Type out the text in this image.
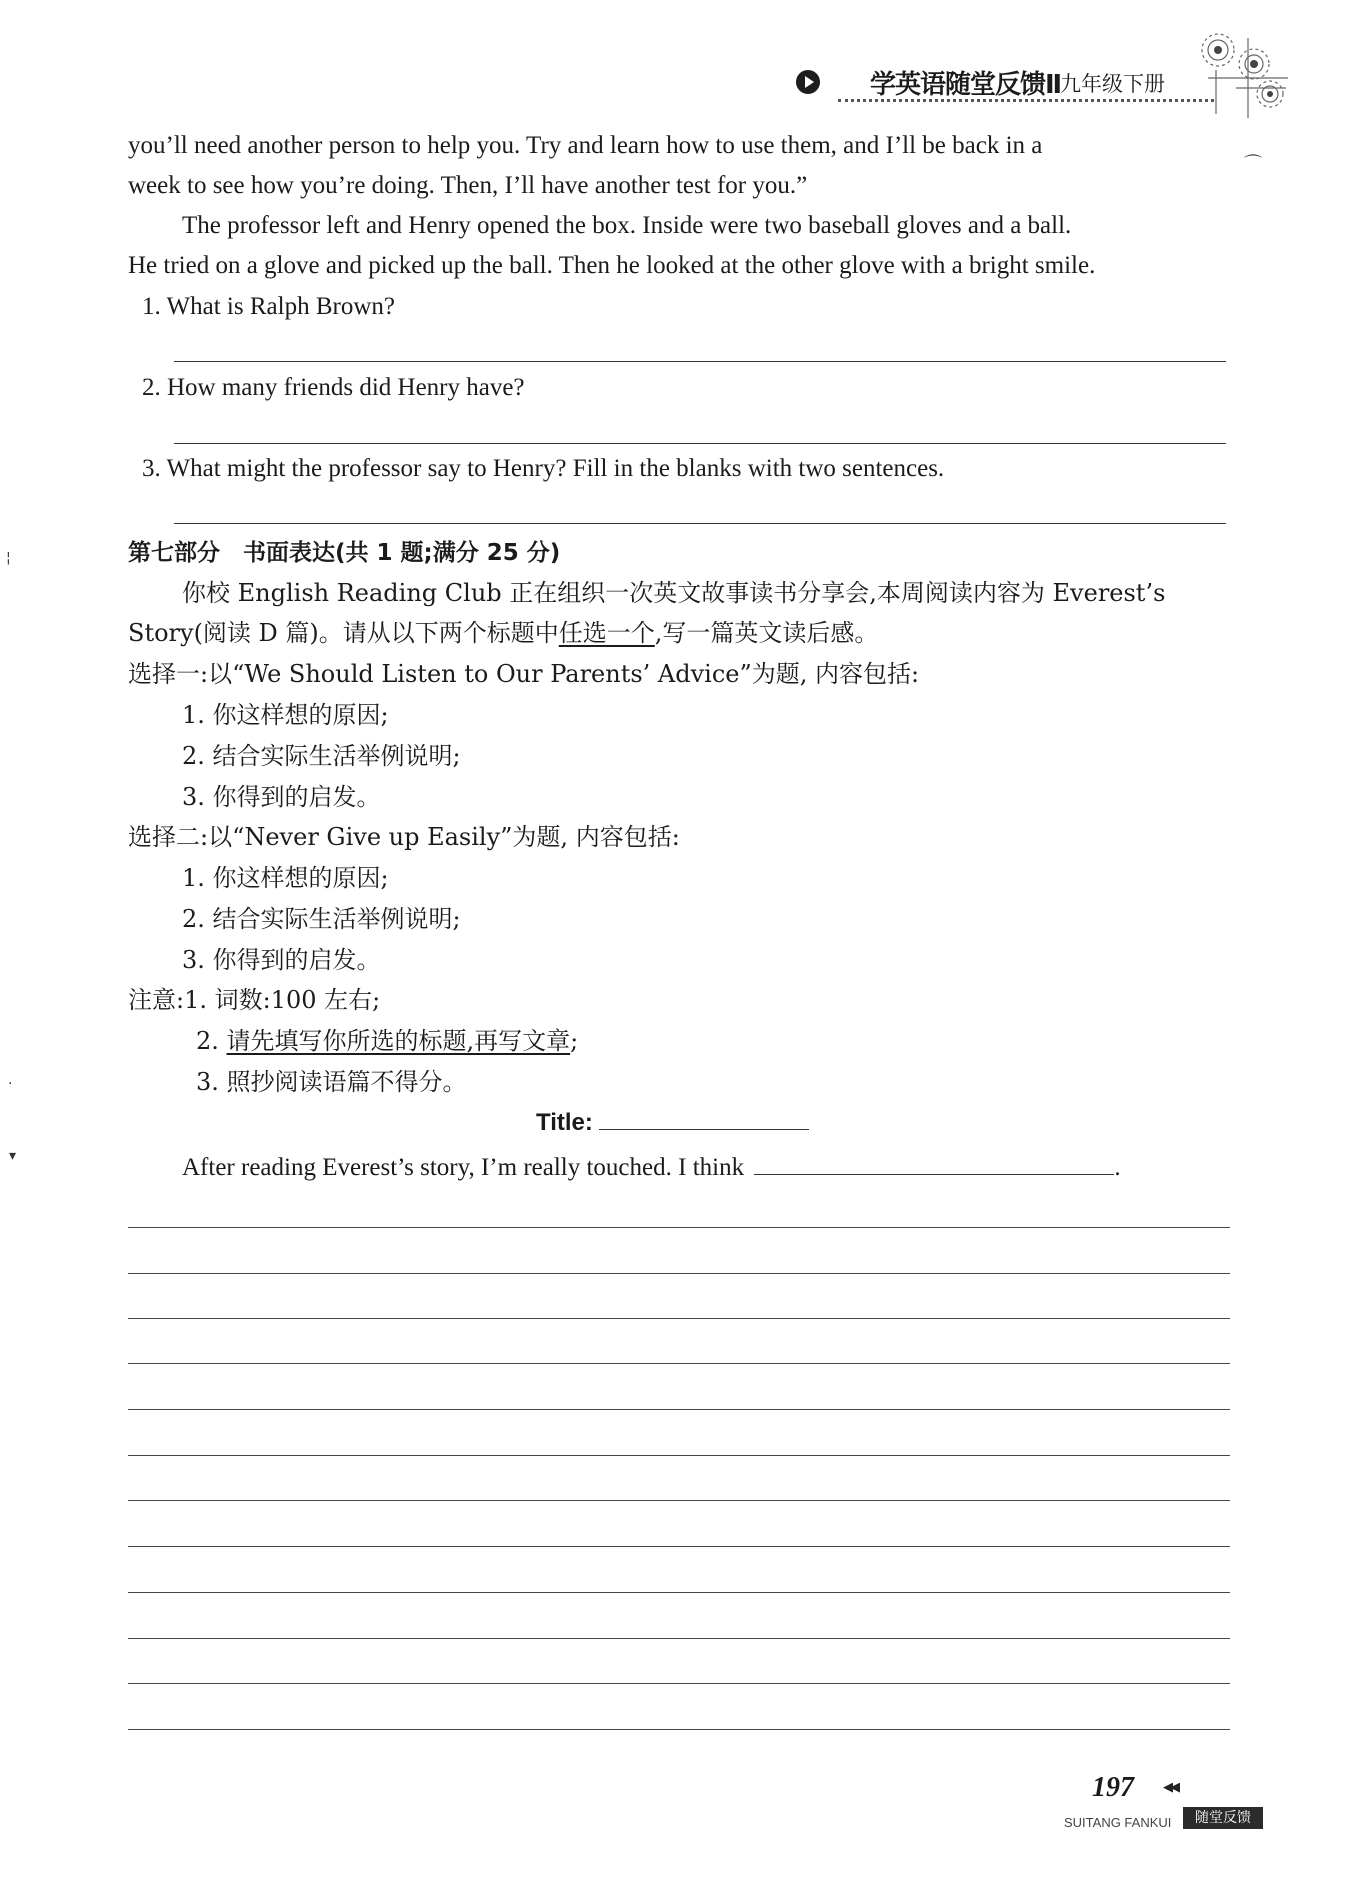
学英语随堂反馈Ⅱ
九年级下册
⌒
you’ll need another person to help you. Try and learn how to use them, and I’ll be back in a
week to see how you’re doing. Then, I’ll have another test for you.”
The professor left and Henry opened the box. Inside were two baseball gloves and a ball.
He tried on a glove and picked up the ball. Then he looked at the other glove with a bright smile.
1. What is Ralph Brown?
2. How many friends did Henry have?
3. What might the professor say to Henry? Fill in the blanks with two sentences.
第七部分　书面表达(共 1 题;满分 25 分)
你校 English Reading Club 正在组织一次英文故事读书分享会,本周阅读内容为 Everest’s
Story(阅读 D 篇)。请从以下两个标题中任选一个,写一篇英文读后感。
选择一:以“We Should Listen to Our Parents’ Advice”为题, 内容包括:
1. 你这样想的原因;
2. 结合实际生活举例说明;
3. 你得到的启发。
选择二:以“Never Give up Easily”为题, 内容包括:
1. 你这样想的原因;
2. 结合实际生活举例说明;
3. 你得到的启发。
注意:1. 词数:100 左右;
2. 请先填写你所选的标题,再写文章;
3. 照抄阅读语篇不得分。
Title:
After reading Everest’s story, I’m really touched. I think	.
¦
·
▾
197 ◀◀
SUITANG FANKUI	随堂反馈
